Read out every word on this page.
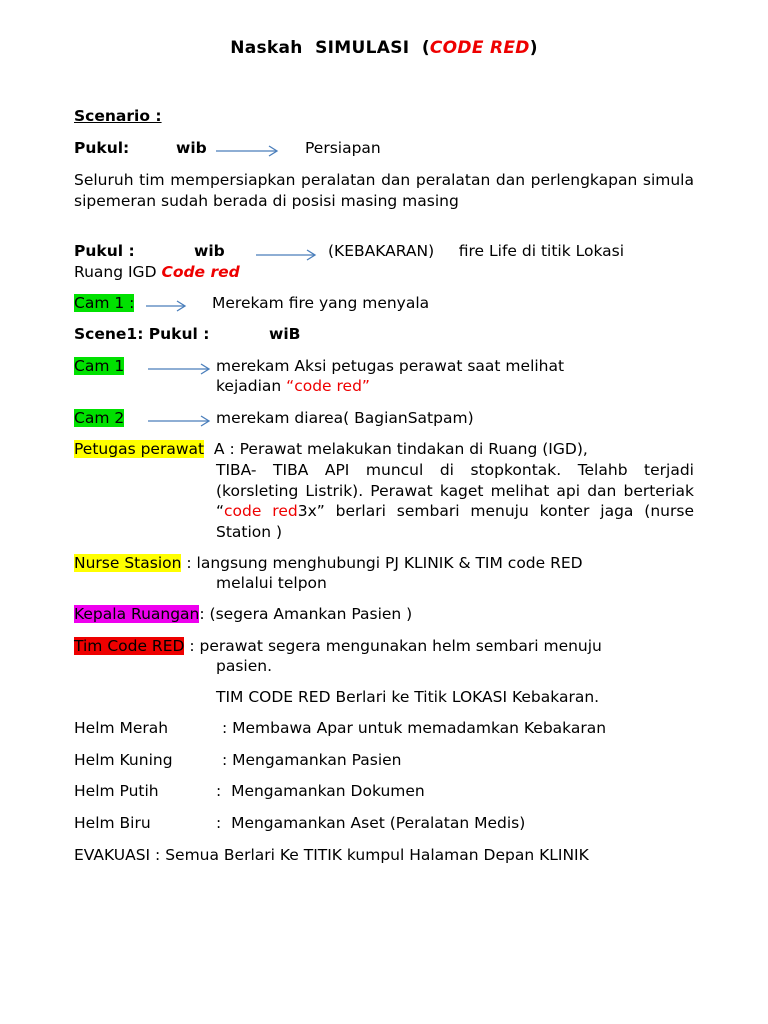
Naskah  SIMULASI  (CODE RED)
Scenario :
Pukul:	wib	Persiapan
Seluruh tim mempersiapkan peralatan dan peralatan dan perlengkapan simula sipemeran sudah berada di posisi masing masing
Pukul :	wib	(KEBAKARAN)     fire Life di titik Lokasi
Ruang IGD Code red
Cam 1 :	Merekam fire yang menyala
Scene1: Pukul :	wiB
Cam 1	merekam Aksi petugas perawat saat melihat
kejadian “code red”
Cam 2	merekam diarea( BagianSatpam)
Petugas perawat  A : Perawat melakukan tindakan di Ruang (IGD),
TIBA- TIBA API muncul di stopkontak. Telahb terjadi (korsleting Listrik). Perawat kaget melihat api dan berteriak “code red3x” berlari sembari menuju konter jaga (nurse Station )
Nurse Stasion : langsung menghubungi PJ KLINIK & TIM code RED
melalui telpon
Kepala Ruangan: (segera Amankan Pasien )
Tim Code RED : perawat segera mengunakan helm sembari menuju
pasien.
TIM CODE RED Berlari ke Titik LOKASI Kebakaran.
Helm Merah	: Membawa Apar untuk memadamkan Kebakaran
Helm Kuning	: Mengamankan Pasien
Helm Putih	:  Mengamankan Dokumen
Helm Biru	:  Mengamankan Aset (Peralatan Medis)
EVAKUASI : Semua Berlari Ke TITIK kumpul Halaman Depan KLINIK
